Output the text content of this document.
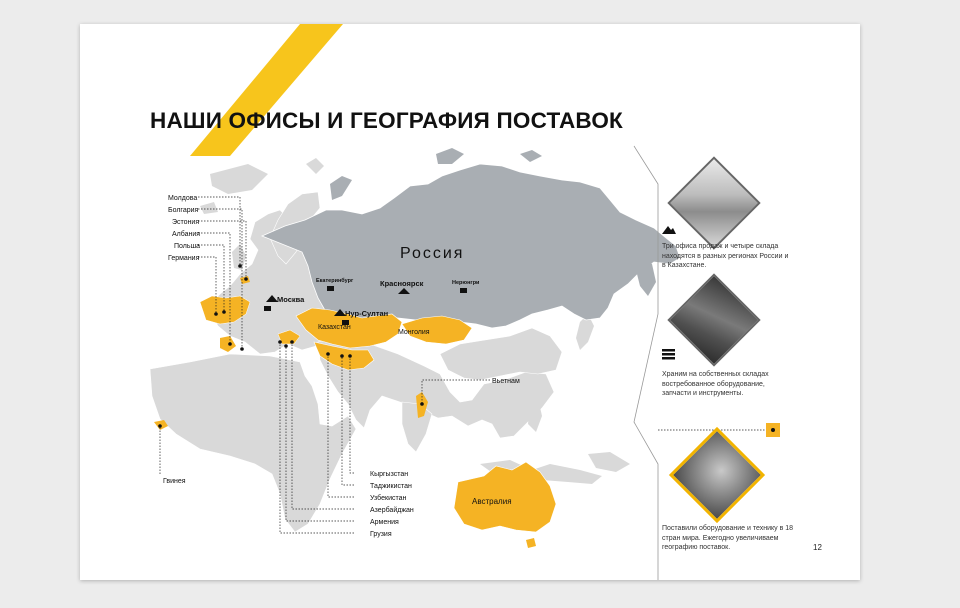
НАШИ ОФИСЫ И ГЕОГРАФИЯ ПОСТАВОК
Россия
Москва
Екатеринбург	Красноярск	Нерюнгри
Нур-Султан
Казахстан
Монголия
Австралия
Молдова
Болгария
Эстония
Албания
Польша
Германия
Кыргызстан
Таджикистан
Узбекистан
Азербайджан
Армения
Грузия
Вьетнам
Гвинея
Три офиса продаж и четыре склада находятся в разных регионах России и в Казахстане.
Храним на собственных складах востребованное оборудование, запчасти и инструменты.
Поставили оборудование и технику в 18 стран мира. Ежегодно увеличиваем географию поставок.	12
